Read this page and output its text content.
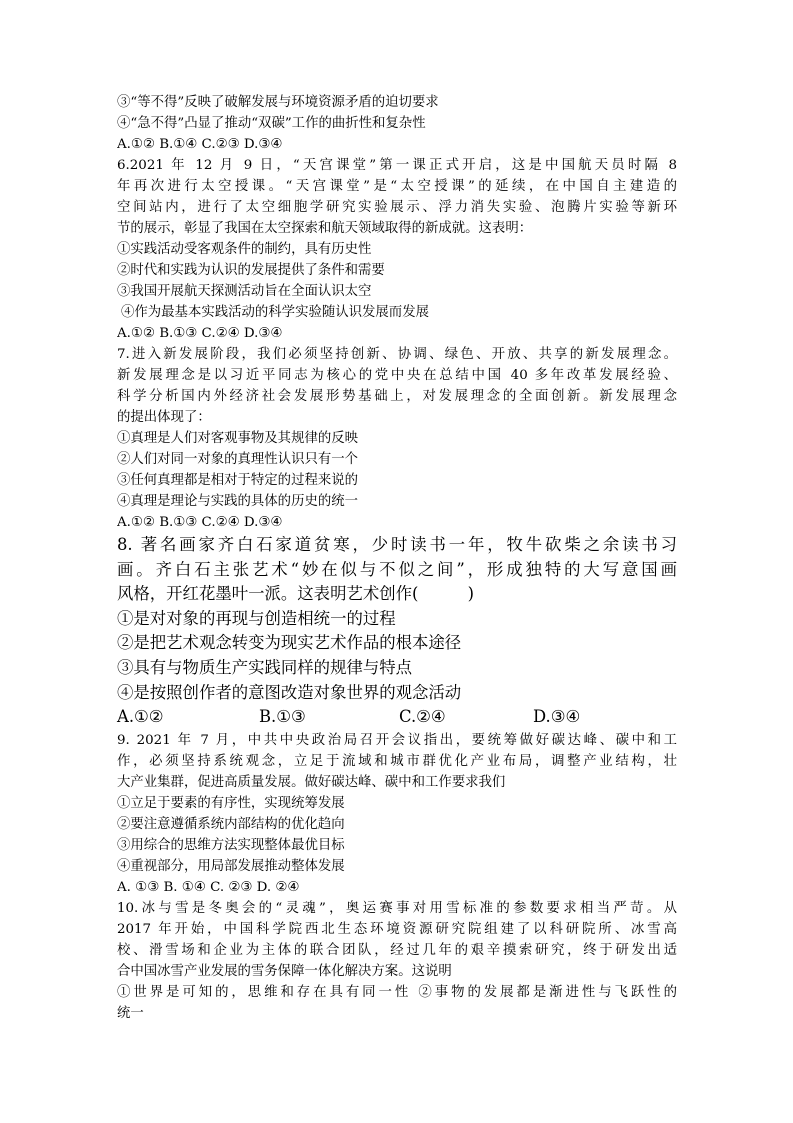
③“等不得”反映了破解发展与环境资源矛盾的迫切要求
④“急不得”凸显了推动“双碳”工作的曲折性和复杂性
A.①② B.①④ C.②③ D.③④
6.2021 年 12 月 9 日，“天宫课堂”第一课正式开启，这是中国航天员时隔 8
年再次进行太空授课。“天宫课堂”是“太空授课”的延续，在中国自主建造的
空间站内，进行了太空细胞学研究实验展示、浮力消失实验、泡腾片实验等新环
节的展示，彰显了我国在太空探索和航天领域取得的新成就。这表明：
①实践活动受客观条件的制约，具有历史性
②时代和实践为认识的发展提供了条件和需要
③我国开展航天探测活动旨在全面认识太空
④作为最基本实践活动的科学实验随认识发展而发展
A.①② B.①③ C.②④ D.③④
7.进入新发展阶段，我们必须坚持创新、协调、绿色、开放、共享的新发展理念。
新发展理念是以习近平同志为核心的党中央在总结中国 40 多年改革发展经验、
科学分析国内外经济社会发展形势基础上，对发展理念的全面创新。新发展理念
的提出体现了：
①真理是人们对客观事物及其规律的反映
②人们对同一对象的真理性认识只有一个
③任何真理都是相对于特定的过程来说的
④真理是理论与实践的具体的历史的统一
A.①② B.①③ C.②④ D.③④
8. 著名画家齐白石家道贫寒，少时读书一年，牧牛砍柴之余读书习
画。齐白石主张艺术“妙在似与不似之间”，形成独特的大写意国画
风格，开红花墨叶一派。这表明艺术创作(　　　)
①是对对象的再现与创造相统一的过程
②是把艺术观念转变为现实艺术作品的根本途径
③具有与物质生产实践同样的规律与特点
④是按照创作者的意图改造对象世界的观念活动
A.①②	B.①③	C.②④	D.③④
9. 2021 年 7 月，中共中央政治局召开会议指出，要统筹做好碳达峰、碳中和工
作，必须坚持系统观念，立足于流域和城市群优化产业布局，调整产业结构，壮
大产业集群，促进高质量发展。做好碳达峰、碳中和工作要求我们
①立足于要素的有序性，实现统筹发展
②要注意遵循系统内部结构的优化趋向
③用综合的思维方法实现整体最优目标
④重视部分，用局部发展推动整体发展
A. ①③ B. ①④ C. ②③ D. ②④
10.冰与雪是冬奥会的“灵魂”，奥运赛事对用雪标准的参数要求相当严苛。从
2017 年开始，中国科学院西北生态环境资源研究院组建了以科研院所、冰雪高
校、滑雪场和企业为主体的联合团队，经过几年的艰辛摸索研究，终于研发出适
合中国冰雪产业发展的雪务保障一体化解决方案。这说明
①世界是可知的，思维和存在具有同一性 ②事物的发展都是渐进性与飞跃性的
统一
